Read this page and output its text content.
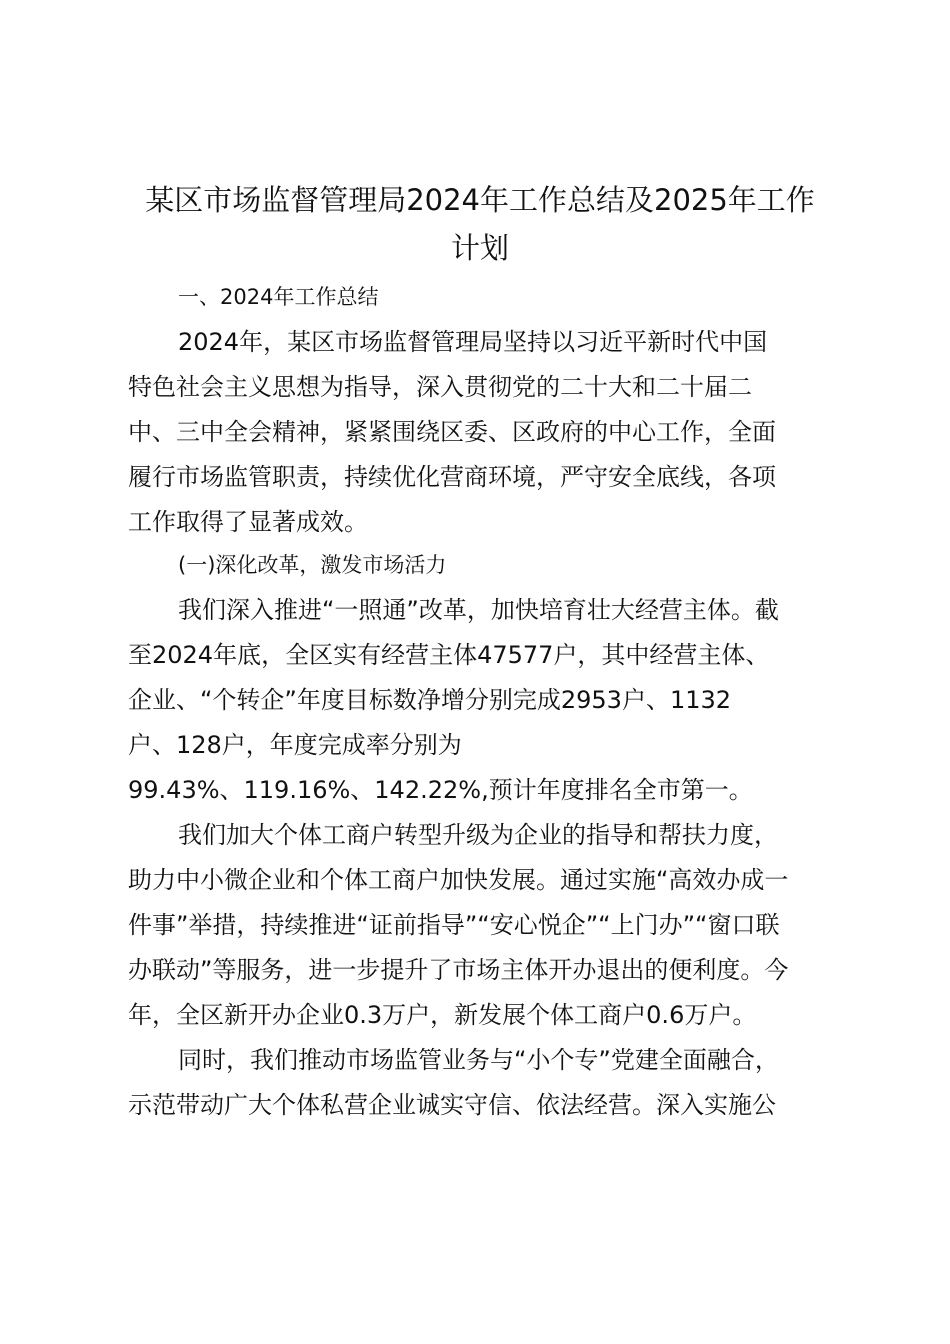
某区市场监督管理局2024年工作总结及2025年工作
计划

一、2024年工作总结

2024年，某区市场监督管理局坚持以习近平新时代中国

特色社会主义思想为指导，深入贯彻党的二十大和二十届二

中、三中全会精神，紧紧围绕区委、区政府的中心工作，全面

履行市场监管职责，持续优化营商环境，严守安全底线，各项

工作取得了显著成效。

(一)深化改革，激发市场活力

我们深入推进“一照通”改革，加快培育壮大经营主体。截

至2024年底，全区实有经营主体47577户，其中经营主体、

企业、“个转企”年度目标数净增分别完成2953户、1132

户、128户，年度完成率分别为

99.43%、119.16%、142.22%,预计年度排名全市第一。

我们加大个体工商户转型升级为企业的指导和帮扶力度，

助力中小微企业和个体工商户加快发展。通过实施“高效办成一

件事”举措，持续推进“证前指导”“安心悦企”“上门办”“窗口联

办联动”等服务，进一步提升了市场主体开办退出的便利度。今

年，全区新开办企业0.3万户，新发展个体工商户0.6万户。

同时，我们推动市场监管业务与“小个专”党建全面融合，

示范带动广大个体私营企业诚实守信、依法经营。深入实施公
